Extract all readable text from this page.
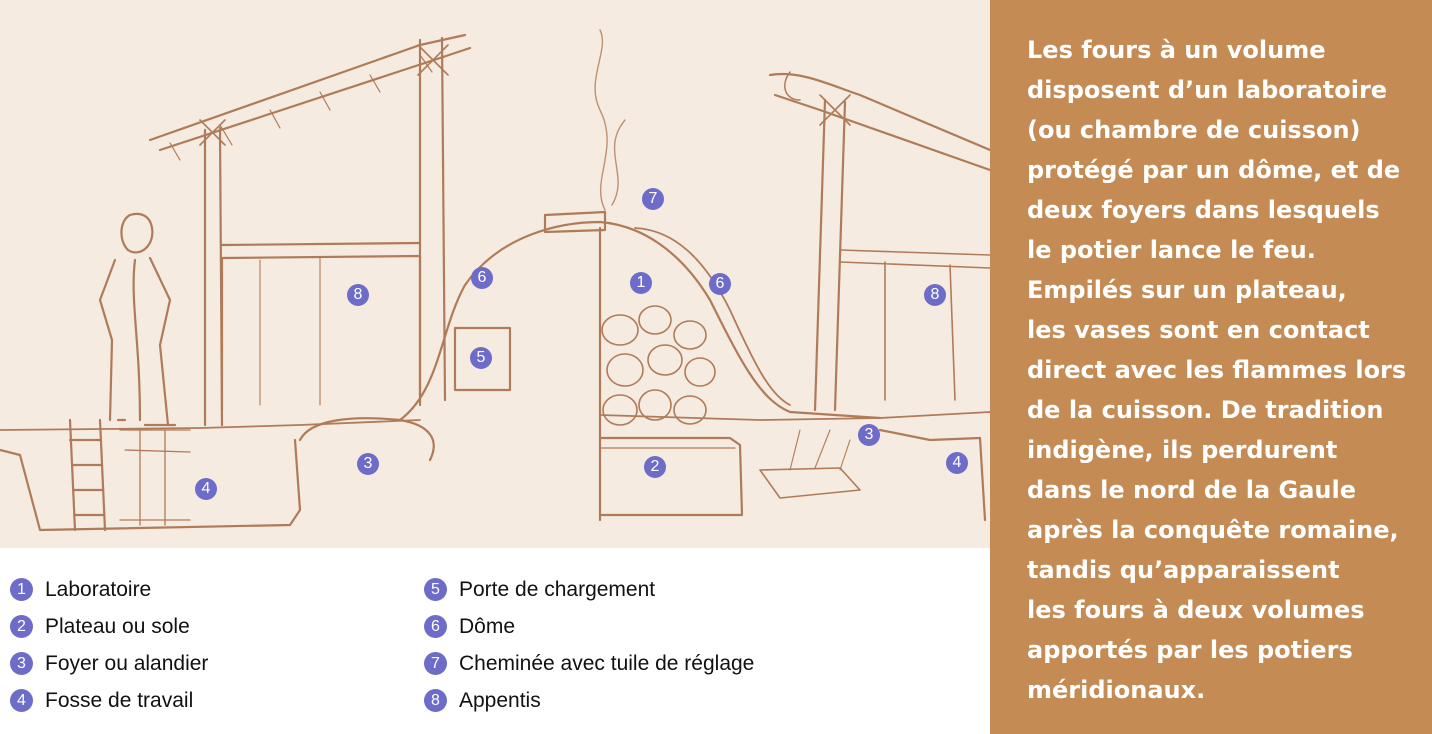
1
2
3
3
4
4
5
6	6
7
8	8
1 Laboratoire
2 Plateau ou sole
3 Foyer ou alandier
4 Fosse de travail
5 Porte de chargement
6 Dôme
7 Cheminée avec tuile de réglage
8 Appentis

Les fours à un volume
disposent d’un laboratoire
(ou chambre de cuisson)
protégé par un dôme, et de
deux foyers dans lesquels
le potier lance le feu.
Empilés sur un plateau,
les vases sont en contact
direct avec les flammes lors
de la cuisson. De tradition
indigène, ils perdurent
dans le nord de la Gaule
après la conquête romaine,
tandis qu’apparaissent
les fours à deux volumes
apportés par les potiers
méridionaux.
